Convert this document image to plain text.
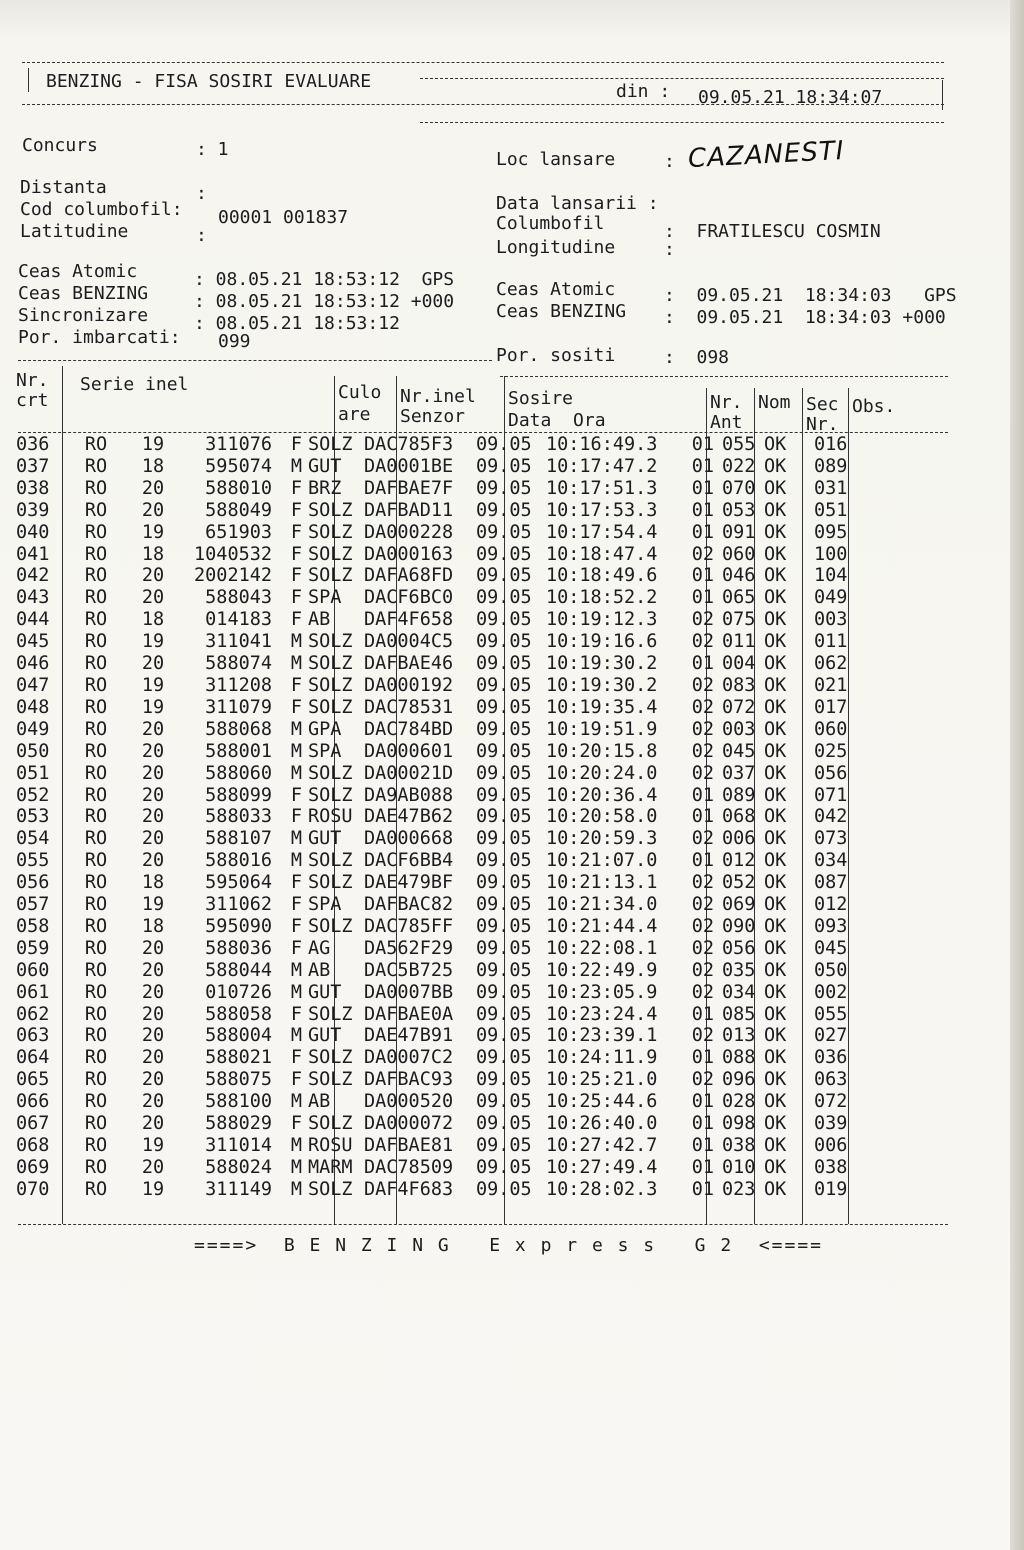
BENZING - FISA SOSIRI EVALUARE	din : 09.05.21 18:34:07
Concurs	: 1	Loc lansare	: CAZANESTI
Distanta	:
Cod columbofil: 00001 001837
Latitudine	:
Data lansarii :
Columbofil	:  FRATILESCU COSMIN
Longitudine	:
Ceas Atomic	: 08.05.21 18:53:12  GPS
Ceas BENZING	: 08.05.21 18:53:12 +000
Sincronizare	: 08.05.21 18:53:12
Por. imbarcati: 099
Ceas Atomic	:  09.05.21  18:34:03   GPS
Ceas BENZING :  09.05.21  18:34:03 +000
Por. sositi	:  098
Nr.
crt
Serie inel	Culo
are
Nr.inel
Senzor
Sosire
Data  Ora
Nr.
Ant
Nom Sec
Nr.
Obs.
036	RO	19	311076	F	SOLZ	DAC785F3	09.05	10:16:49.3	01	055	OK	016
037	RO	18	595074	M	GUT	DA0001BE	09.05	10:17:47.2	01	022	OK	089
038	RO	20	588010	F	BRZ	DAFBAE7F	09.05	10:17:51.3	01	070	OK	031
039	RO	20	588049	F	SOLZ	DAFBAD11	09.05	10:17:53.3	01	053	OK	051
040	RO	19	651903	F	SOLZ	DA000228	09.05	10:17:54.4	01	091	OK	095
041	RO	18	1040532	F	SOLZ	DA000163	09.05	10:18:47.4	02	060	OK	100
042	RO	20	2002142	F	SOLZ	DAFA68FD	09.05	10:18:49.6	01	046	OK	104
043	RO	20	588043	F	SPA	DACF6BC0	09.05	10:18:52.2	01	065	OK	049
044	RO	18	014183	F	AB	DAF4F658	09.05	10:19:12.3	02	075	OK	003
045	RO	19	311041	M	SOLZ	DA0004C5	09.05	10:19:16.6	02	011	OK	011
046	RO	20	588074	M	SOLZ	DAFBAE46	09.05	10:19:30.2	01	004	OK	062
047	RO	19	311208	F	SOLZ	DA000192	09.05	10:19:30.2	02	083	OK	021
048	RO	19	311079	F	SOLZ	DAC78531	09.05	10:19:35.4	02	072	OK	017
049	RO	20	588068	M	GPA	DAC784BD	09.05	10:19:51.9	02	003	OK	060
050	RO	20	588001	M	SPA	DA000601	09.05	10:20:15.8	02	045	OK	025
051	RO	20	588060	M	SOLZ	DA00021D	09.05	10:20:24.0	02	037	OK	056
052	RO	20	588099	F	SOLZ	DA9AB088	09.05	10:20:36.4	01	089	OK	071
053	RO	20	588033	F	ROSU	DAE47B62	09.05	10:20:58.0	01	068	OK	042
054	RO	20	588107	M	GUT	DA000668	09.05	10:20:59.3	02	006	OK	073
055	RO	20	588016	M	SOLZ	DACF6BB4	09.05	10:21:07.0	01	012	OK	034
056	RO	18	595064	F	SOLZ	DAE479BF	09.05	10:21:13.1	02	052	OK	087
057	RO	19	311062	F	SPA	DAFBAC82	09.05	10:21:34.0	02	069	OK	012
058	RO	18	595090	F	SOLZ	DAC785FF	09.05	10:21:44.4	02	090	OK	093
059	RO	20	588036	F	AG	DA562F29	09.05	10:22:08.1	02	056	OK	045
060	RO	20	588044	M	AB	DAC5B725	09.05	10:22:49.9	02	035	OK	050
061	RO	20	010726	M	GUT	DA0007BB	09.05	10:23:05.9	02	034	OK	002
062	RO	20	588058	F	SOLZ	DAFBAE0A	09.05	10:23:24.4	01	085	OK	055
063	RO	20	588004	M	GUT	DAE47B91	09.05	10:23:39.1	02	013	OK	027
064	RO	20	588021	F	SOLZ	DA0007C2	09.05	10:24:11.9	01	088	OK	036
065	RO	20	588075	F	SOLZ	DAFBAC93	09.05	10:25:21.0	02	096	OK	063
066	RO	20	588100	M	AB	DA000520	09.05	10:25:44.6	01	028	OK	072
067	RO	20	588029	F	SOLZ	DA000072	09.05	10:26:40.0	01	098	OK	039
068	RO	19	311014	M	ROSU	DAFBAE81	09.05	10:27:42.7	01	038	OK	006
069	RO	20	588024	M	MARM	DAC78509	09.05	10:27:49.4	01	010	OK	038
070	RO	19	311149	M	SOLZ	DAF4F683	09.05	10:28:02.3	01	023	OK	019
====>  B E N Z I N G   E x p r e s s   G 2  <====
